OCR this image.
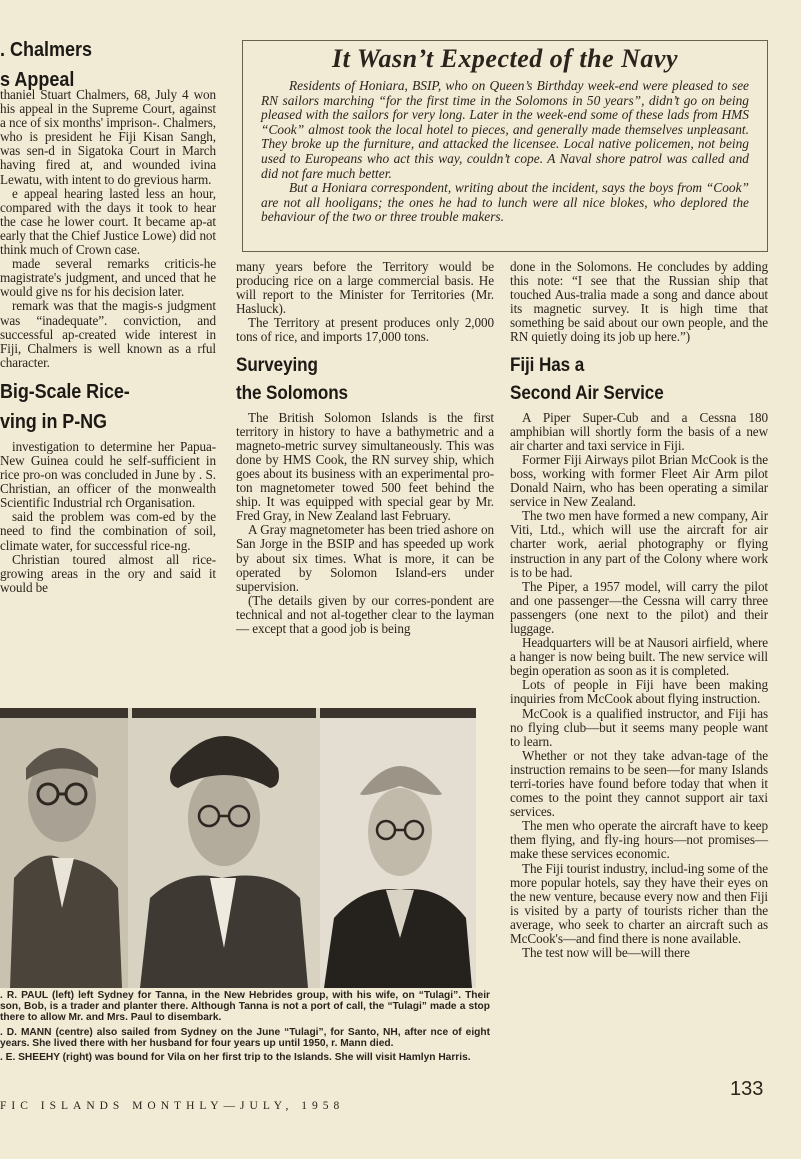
. Chalmers
s Appeal

thaniel Stuart Chalmers, 68, July 4 won his appeal in the Supreme Court, against a nce of six months' imprison-. Chalmers, who is president he Fiji Kisan Sangh, was sen-d in Sigatoka Court in March having fired at, and wounded ivina Lewatu, with intent to do grevious harm.

e appeal hearing lasted less an hour, compared with the days it took to hear the case he lower court. It became ap-at early that the Chief Justice Lowe) did not think much of Crown case.

made several remarks criticis-he magistrate's judgment, and unced that he would give ns for his decision later.

remark was that the magis-s judgment was “inadequate”. conviction, and successful ap-created wide interest in Fiji, Chalmers is well known as a rful character.

Big-Scale Rice-
ving in P-NG

investigation to determine her Papua-New Guinea could he self-sufficient in rice pro-on was concluded in June by . S. Christian, an officer of the monwealth Scientific Industrial rch Organisation.

said the problem was com-ed by the need to find the combination of soil, climate water, for successful rice-ng.

Christian toured almost all rice-growing areas in the ory and said it would be

It Wasn’t Expected of the Navy

Residents of Honiara, BSIP, who on Queen’s Birthday week-end were pleased to see RN sailors marching “for the first time in the Solomons in 50 years”, didn’t go on being pleased with the sailors for very long. Later in the week-end some of these lads from HMS “Cook” almost took the local hotel to pieces, and generally made themselves unpleasant. They broke up the furniture, and attacked the licensee. Local native policemen, not being used to Europeans who act this way, couldn’t cope. A Naval shore patrol was called and did not fare much better.

But a Honiara correspondent, writing about the incident, says the boys from “Cook” are not all hooligans; the ones he had to lunch were all nice blokes, who deplored the behaviour of the two or three trouble makers.

many years before the Territory would be producing rice on a large commercial basis. He will report to the Minister for Territories (Mr. Hasluck).

The Territory at present produces only 2,000 tons of rice, and imports 17,000 tons.

Surveying
the Solomons

The British Solomon Islands is the first territory in history to have a bathymetric and a magneto-metric survey simultaneously. This was done by HMS Cook, the RN survey ship, which goes about its business with an experimental pro-ton magnetometer towed 500 feet behind the ship. It was equipped with special gear by Mr. Fred Gray, in New Zealand last February.

A Gray magnetometer has been tried ashore on San Jorge in the BSIP and has speeded up work by about six times. What is more, it can be operated by Solomon Island-ers under supervision.

(The details given by our corres-pondent are technical and not al-together clear to the layman — except that a good job is being

done in the Solomons. He concludes by adding this note: “I see that the Russian ship that touched Aus-tralia made a song and dance about its magnetic survey. It is high time that something be said about our own people, and the RN quietly doing its job up here.”)

Fiji Has a
Second Air Service

A Piper Super-Cub and a Cessna 180 amphibian will shortly form the basis of a new air charter and taxi service in Fiji.

Former Fiji Airways pilot Brian McCook is the boss, working with former Fleet Air Arm pilot Donald Nairn, who has been operating a similar service in New Zealand.

The two men have formed a new company, Air Viti, Ltd., which will use the aircraft for air charter work, aerial photography or flying instruction in any part of the Colony where work is to be had.

The Piper, a 1957 model, will carry the pilot and one passenger—the Cessna will carry three passengers (one next to the pilot) and their luggage.

Headquarters will be at Nausori airfield, where a hanger is now being built. The new service will begin operation as soon as it is completed.

Lots of people in Fiji have been making inquiries from McCook about flying instruction.

McCook is a qualified instructor, and Fiji has no flying club—but it seems many people want to learn.

Whether or not they take advan-tage of the instruction remains to be seen—for many Islands terri-tories have found before today that when it comes to the point they cannot support air taxi services.

The men who operate the aircraft have to keep them flying, and fly-ing hours—not promises—make these services economic.

The Fiji tourist industry, includ-ing some of the more popular hotels, say they have their eyes on the new venture, because every now and then Fiji is visited by a party of tourists richer than the average, who seek to charter an aircraft such as McCook's—and find there is none available.

The test now will be—will there

. R. PAUL (left) left Sydney for Tanna, in the New Hebrides group, with his wife, on “Tulagi”. Their son, Bob, is a trader and planter there. Although Tanna is not a port of call, the “Tulagi” made a stop there to allow Mr. and Mrs. Paul to disembark.

. D. MANN (centre) also sailed from Sydney on the June “Tulagi”, for Santo, NH, after nce of eight years. She lived there with her husband for four years up until 1950, r. Mann died.

. E. SHEEHY (right) was bound for Vila on her first trip to the Islands. She will visit Hamlyn Harris.

FIC ISLANDS MONTHLY—JULY, 1958
133
